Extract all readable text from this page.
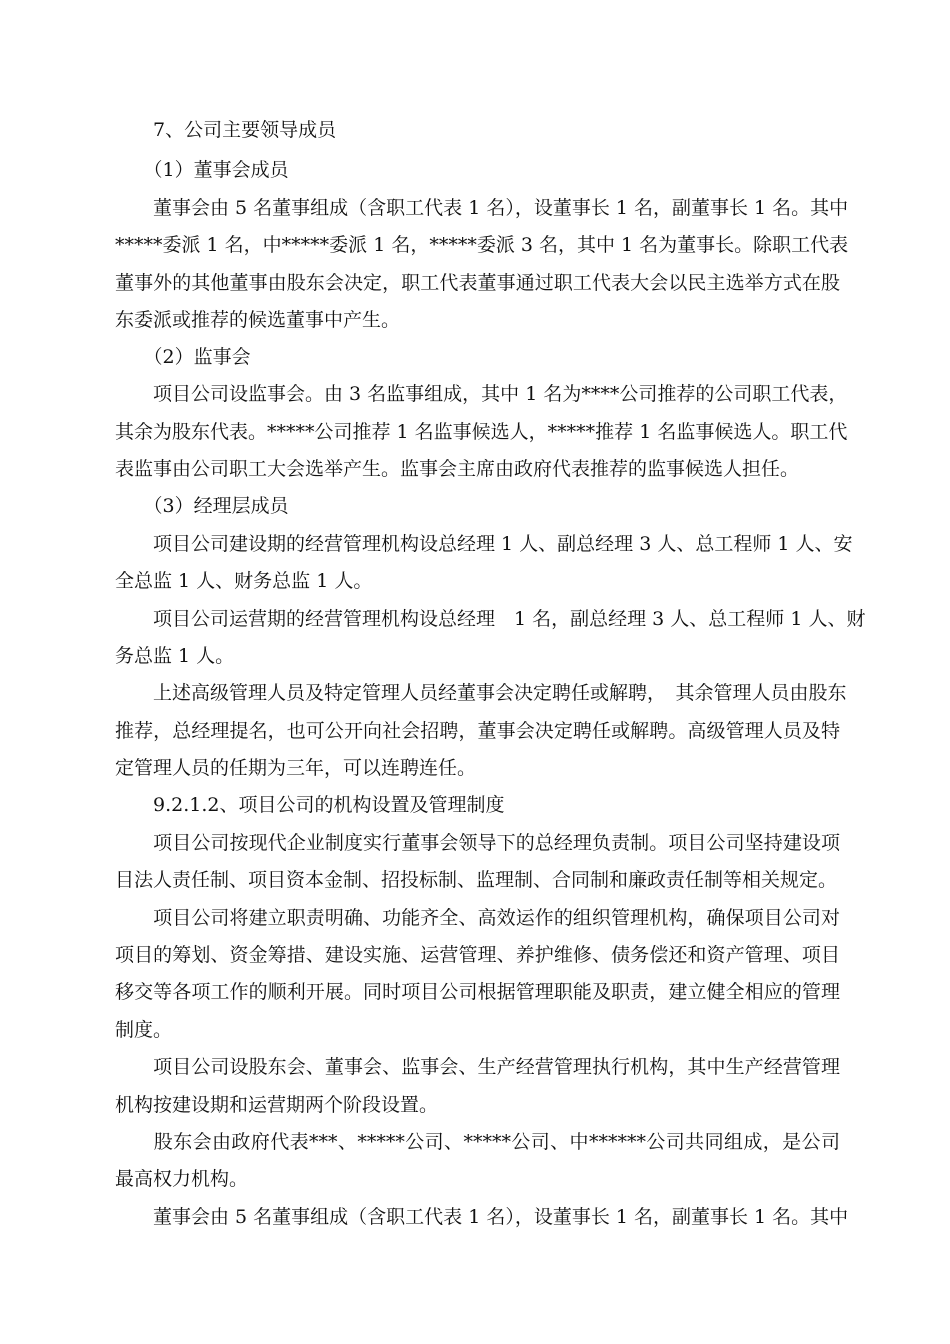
　　7、公司主要领导成员
　　（1）董事会成员
　　董事会由 5 名董事组成（含职工代表 1 名），设董事长 1 名，副董事长 1 名。其中
*****委派 1 名，中*****委派 1 名，*****委派 3 名，其中 1 名为董事长。除职工代表
董事外的其他董事由股东会决定，职工代表董事通过职工代表大会以民主选举方式在股
东委派或推荐的候选董事中产生。
　　（2）监事会
　　项目公司设监事会。由 3 名监事组成，其中 1 名为****公司推荐的公司职工代表，
其余为股东代表。*****公司推荐 1 名监事候选人，*****推荐 1 名监事候选人。职工代
表监事由公司职工大会选举产生。监事会主席由政府代表推荐的监事候选人担任。
　　（3）经理层成员
　　项目公司建设期的经营管理机构设总经理 1 人、副总经理 3 人、总工程师 1 人、安
全总监 1 人、财务总监 1 人。
　　项目公司运营期的经营管理机构设总经理　1 名，副总经理 3 人、总工程师 1 人、财
务总监 1 人。
　　上述高级管理人员及特定管理人员经董事会决定聘任或解聘，　其余管理人员由股东
推荐，总经理提名，也可公开向社会招聘，董事会决定聘任或解聘。高级管理人员及特
定管理人员的任期为三年，可以连聘连任。
　　9.2.1.2、项目公司的机构设置及管理制度
　　项目公司按现代企业制度实行董事会领导下的总经理负责制。项目公司坚持建设项
目法人责任制、项目资本金制、招投标制、监理制、合同制和廉政责任制等相关规定。
　　项目公司将建立职责明确、功能齐全、高效运作的组织管理机构，确保项目公司对
项目的筹划、资金筹措、建设实施、运营管理、养护维修、债务偿还和资产管理、项目
移交等各项工作的顺利开展。同时项目公司根据管理职能及职责，建立健全相应的管理
制度。
　　项目公司设股东会、董事会、监事会、生产经营管理执行机构，其中生产经营管理
机构按建设期和运营期两个阶段设置。
　　股东会由政府代表***、*****公司、*****公司、中******公司共同组成，是公司
最高权力机构。
　　董事会由 5 名董事组成（含职工代表 1 名），设董事长 1 名，副董事长 1 名。其中
